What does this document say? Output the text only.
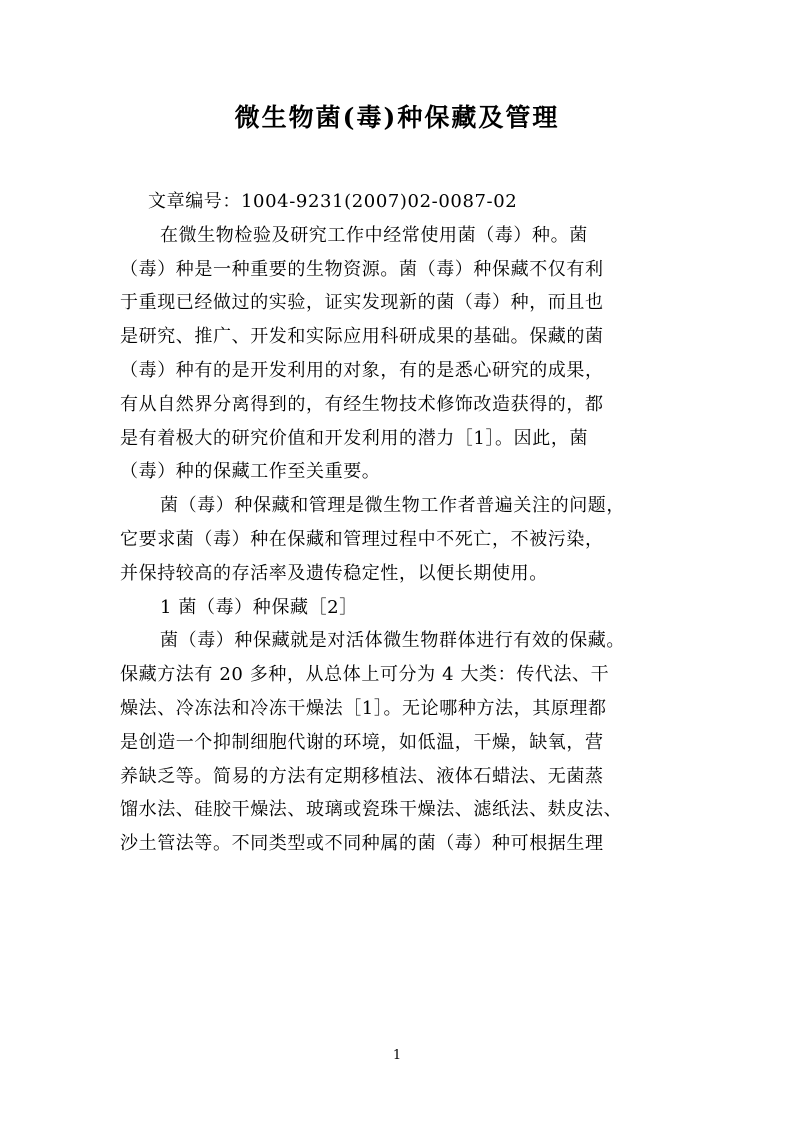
微生物菌(毒)种保藏及管理
文章编号：1004-9231(2007)02-0087-02
在微生物检验及研究工作中经常使用菌（毒）种。菌
（毒）种是一种重要的生物资源。菌（毒）种保藏不仅有利
于重现已经做过的实验，证实发现新的菌（毒）种，而且也
是研究、推广、开发和实际应用科研成果的基础。保藏的菌
（毒）种有的是开发利用的对象，有的是悉心研究的成果，
有从自然界分离得到的，有经生物技术修饰改造获得的，都
是有着极大的研究价值和开发利用的潜力［1］。因此，菌
（毒）种的保藏工作至关重要。
菌（毒）种保藏和管理是微生物工作者普遍关注的问题，
它要求菌（毒）种在保藏和管理过程中不死亡，不被污染，
并保持较高的存活率及遗传稳定性，以便长期使用。
1 菌（毒）种保藏［2］
菌（毒）种保藏就是对活体微生物群体进行有效的保藏。
保藏方法有 20 多种，从总体上可分为 4 大类：传代法、干
燥法、冷冻法和冷冻干燥法［1］。无论哪种方法，其原理都
是创造一个抑制细胞代谢的环境，如低温，干燥，缺氧，营
养缺乏等。简易的方法有定期移植法、液体石蜡法、无菌蒸
馏水法、硅胶干燥法、玻璃或瓷珠干燥法、滤纸法、麸皮法、
沙土管法等。不同类型或不同种属的菌（毒）种可根据生理
1
